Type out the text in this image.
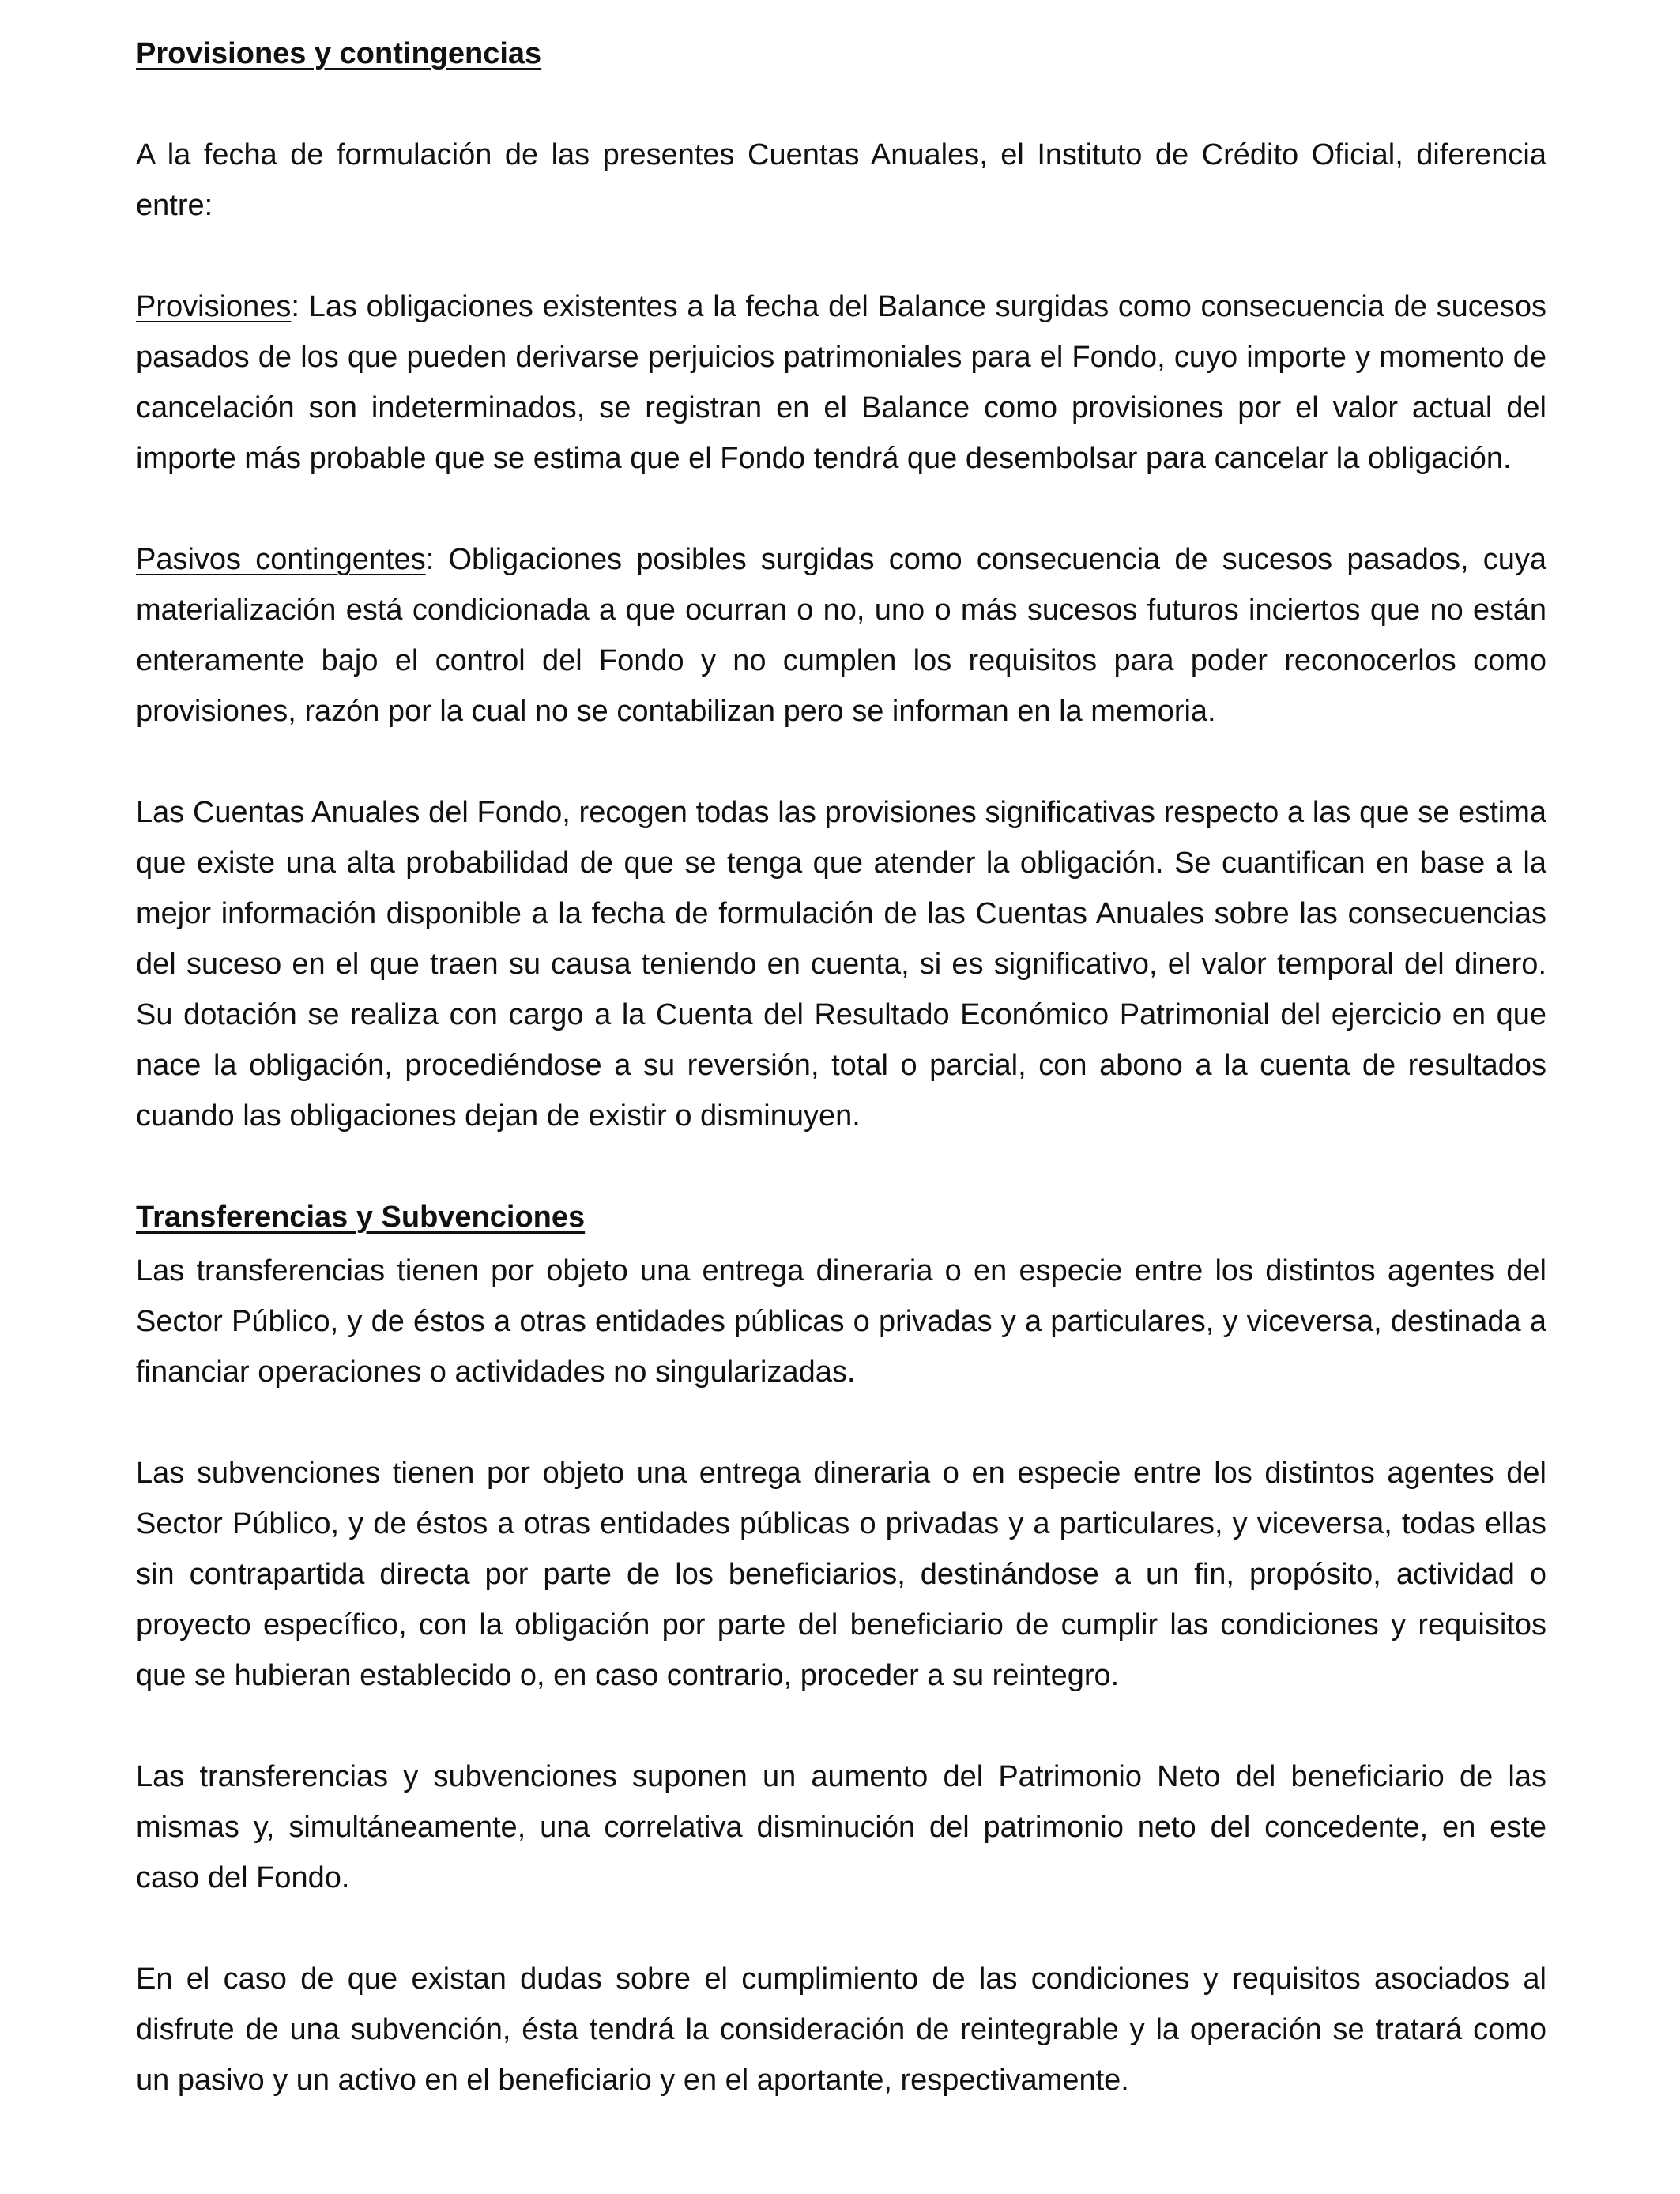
Provisiones y contingencias

A la fecha de formulación de las presentes Cuentas Anuales, el Instituto de Crédito Oficial, diferencia entre:

Provisiones: Las obligaciones existentes a la fecha del Balance surgidas como consecuencia de sucesos pasados de los que pueden derivarse perjuicios patrimoniales para el Fondo, cuyo importe y momento de cancelación son indeterminados, se registran en el Balance como provisiones por el valor actual del importe más probable que se estima que el Fondo tendrá que desembolsar para cancelar la obligación.

Pasivos contingentes: Obligaciones posibles surgidas como consecuencia de sucesos pasados, cuya materialización está condicionada a que ocurran o no, uno o más sucesos futuros inciertos que no están enteramente bajo el control del Fondo y no cumplen los requisitos para poder reconocerlos como provisiones, razón por la cual no se contabilizan pero se informan en la memoria.

Las Cuentas Anuales del Fondo, recogen todas las provisiones significativas respecto a las que se estima que existe una alta probabilidad de que se tenga que atender la obligación. Se cuantifican en base a la mejor información disponible a la fecha de formulación de las Cuentas Anuales sobre las consecuencias del suceso en el que traen su causa teniendo en cuenta, si es significativo, el valor temporal del dinero. Su dotación se realiza con cargo a la Cuenta del Resultado Económico Patrimonial del ejercicio en que nace la obligación, procediéndose a su reversión, total o parcial, con abono a la cuenta de resultados cuando las obligaciones dejan de existir o disminuyen.

Transferencias y Subvenciones

Las transferencias tienen por objeto una entrega dineraria o en especie entre los distintos agentes del Sector Público, y de éstos a otras entidades públicas o privadas y a particulares, y viceversa, destinada a financiar operaciones o actividades no singularizadas.

Las subvenciones tienen por objeto una entrega dineraria o en especie entre los distintos agentes del Sector Público, y de éstos a otras entidades públicas o privadas y a particulares, y viceversa, todas ellas sin contrapartida directa por parte de los beneficiarios, destinándose a un fin, propósito, actividad o proyecto específico, con la obligación por parte del beneficiario de cumplir las condiciones y requisitos que se hubieran establecido o, en caso contrario, proceder a su reintegro.

Las transferencias y subvenciones suponen un aumento del Patrimonio Neto del beneficiario de las mismas y, simultáneamente, una correlativa disminución del patrimonio neto del concedente, en este caso del Fondo.

En el caso de que existan dudas sobre el cumplimiento de las condiciones y requisitos asociados al disfrute de una subvención, ésta tendrá la consideración de reintegrable y la operación se tratará como un pasivo y un activo en el beneficiario y en el aportante, respectivamente.
